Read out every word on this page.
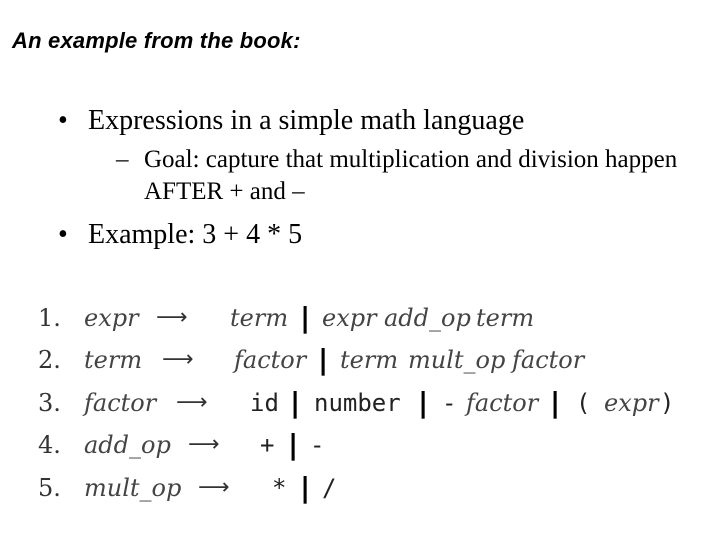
An example from the book:
• Expressions in a simple math language
– Goal: capture that multiplication and division happen AFTER + and –
• Example: 3 + 4 * 5
1. expr ⟶ term | expr add_op term
2. term ⟶ factor | term mult_op factor
3. factor ⟶ id | number | - factor | ( expr )
4. add_op ⟶ + | -
5. mult_op ⟶ * | /
